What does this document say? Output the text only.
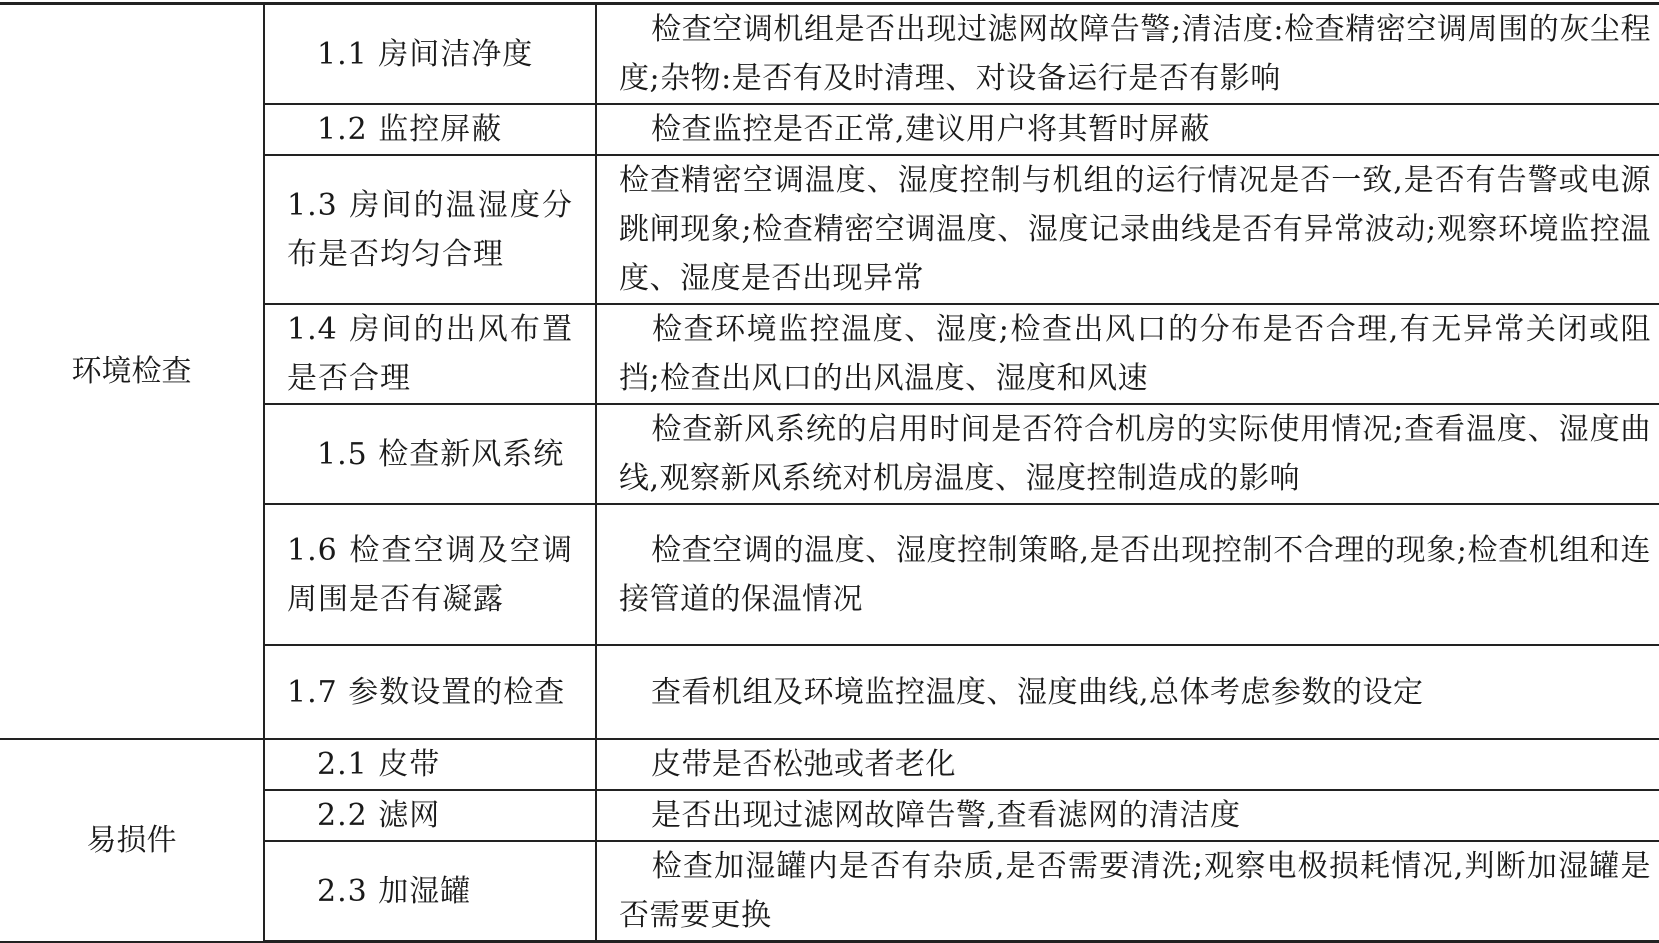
环境检查	1.1 房间洁净度	检查空调机组是否出现过滤网故障告警;清洁度:检查精密空调周围的灰尘程度;杂物:是否有及时清理、对设备运行是否有影响
	1.2 监控屏蔽	检查监控是否正常,建议用户将其暂时屏蔽
	1.3 房间的温湿度分布是否均匀合理	检查精密空调温度、湿度控制与机组的运行情况是否一致,是否有告警或电源跳闸现象;检查精密空调温度、湿度记录曲线是否有异常波动;观察环境监控温度、湿度是否出现异常
	1.4 房间的出风布置是否合理	检查环境监控温度、湿度;检查出风口的分布是否合理,有无异常关闭或阻挡;检查出风口的出风温度、湿度和风速
	1.5 检查新风系统	检查新风系统的启用时间是否符合机房的实际使用情况;查看温度、湿度曲线,观察新风系统对机房温度、湿度控制造成的影响
	1.6 检查空调及空调周围是否有凝露	检查空调的温度、湿度控制策略,是否出现控制不合理的现象;检查机组和连接管道的保温情况
	1.7 参数设置的检查	查看机组及环境监控温度、湿度曲线,总体考虑参数的设定
易损件	2.1 皮带	皮带是否松弛或者老化
	2.2 滤网	是否出现过滤网故障告警,查看滤网的清洁度
	2.3 加湿罐	检查加湿罐内是否有杂质,是否需要清洗;观察电极损耗情况,判断加湿罐是否需要更换
